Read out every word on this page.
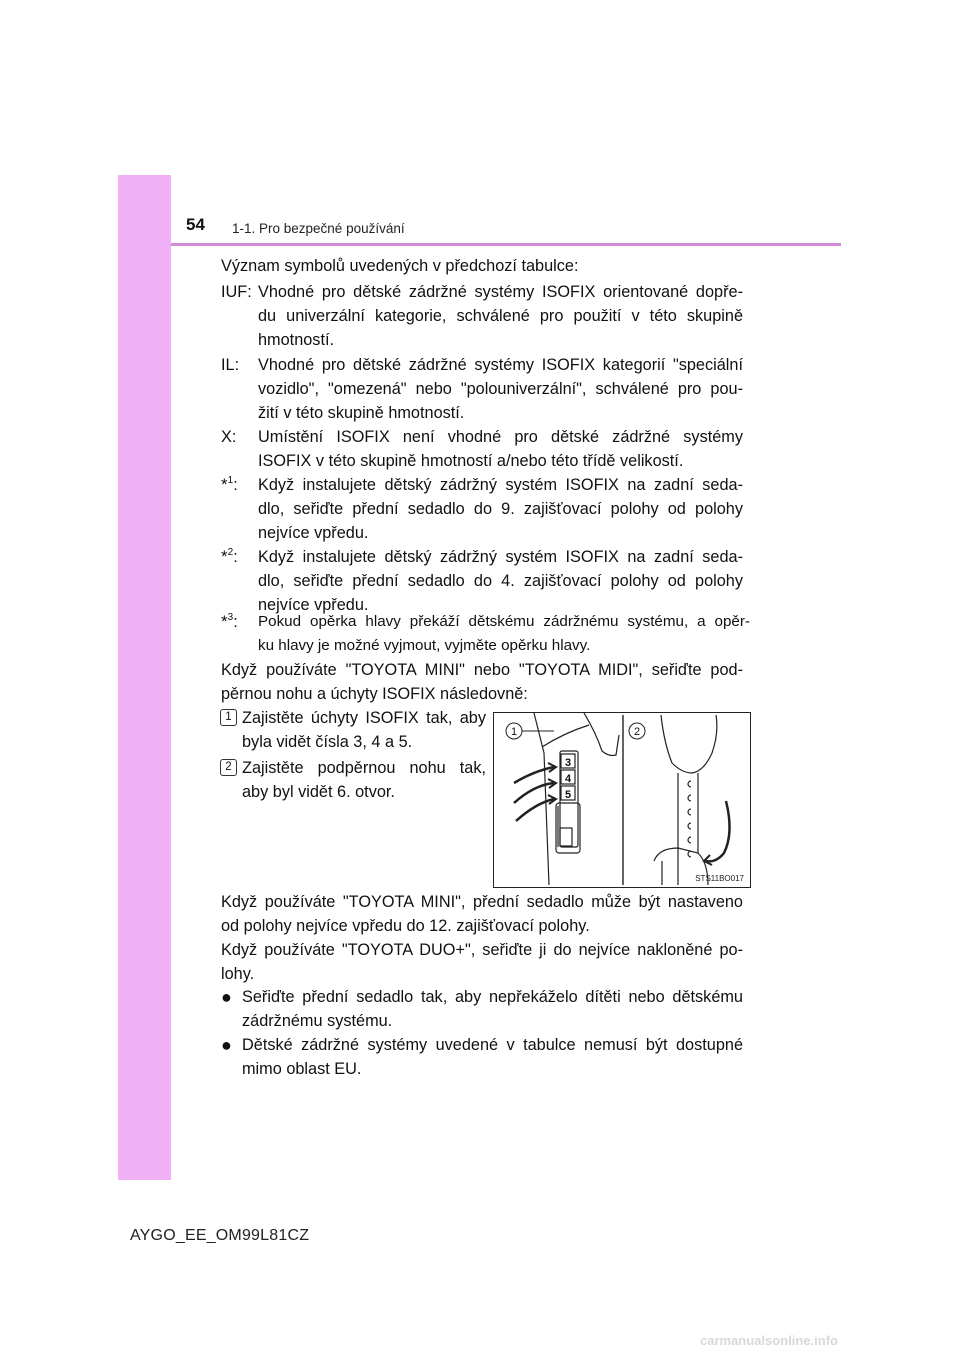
54 1-1. Pro bezpečné používání
Význam symbolů uvedených v předchozí tabulce:
IUF: Vhodné pro dětské zádržné systémy ISOFIX orientované dopře-
du univerzální kategorie, schválené pro použití v této skupině
hmotností.
IL: Vhodné pro dětské zádržné systémy ISOFIX kategorií "speciální
vozidlo", "omezená" nebo "polouniverzální", schválené pro pou-
žití v této skupině hmotností.
X: Umístění ISOFIX není vhodné pro dětské zádržné systémy
ISOFIX v této skupině hmotností a/nebo této třídě velikostí.
*$^1$: Když instalujete dětský zádržný systém ISOFIX na zadní seda-
dlo, seřiďte přední sedadlo do 9. zajišťovací polohy od polohy
nejvíce vpředu.
*$^2$: Když instalujete dětský zádržný systém ISOFIX na zadní seda-
dlo, seřiďte přední sedadlo do 4. zajišťovací polohy od polohy
nejvíce vpředu.
*$^3$: Pokud opěrka hlavy překáží dětskému zádržnému systému, a opěr-
ku hlavy je možné vyjmout, vyjměte opěrku hlavy.
Když používáte "TOYOTA MINI" nebo "TOYOTA MIDI", seřiďte pod-
pěrnou nohu a úchyty ISOFIX následovně:
1 Zajistěte úchyty ISOFIX tak, aby
byla vidět čísla 3, 4 a 5.
2 Zajistěte podpěrnou nohu tak,
aby byl vidět 6. otvor.
1	2
3
4
5
STS11BO017
Když používáte "TOYOTA MINI", přední sedadlo může být nastaveno
od polohy nejvíce vpředu do 12. zajišťovací polohy.
Když používáte "TOYOTA DUO+", seřiďte ji do nejvíce nakloněné po-
lohy.
● Seřiďte přední sedadlo tak, aby nepřekáželo dítěti nebo dětskému
zádržnému systému.
● Dětské zádržné systémy uvedené v tabulce nemusí být dostupné
mimo oblast EU.
AYGO_EE_OM99L81CZ
carmanualsonline.info
